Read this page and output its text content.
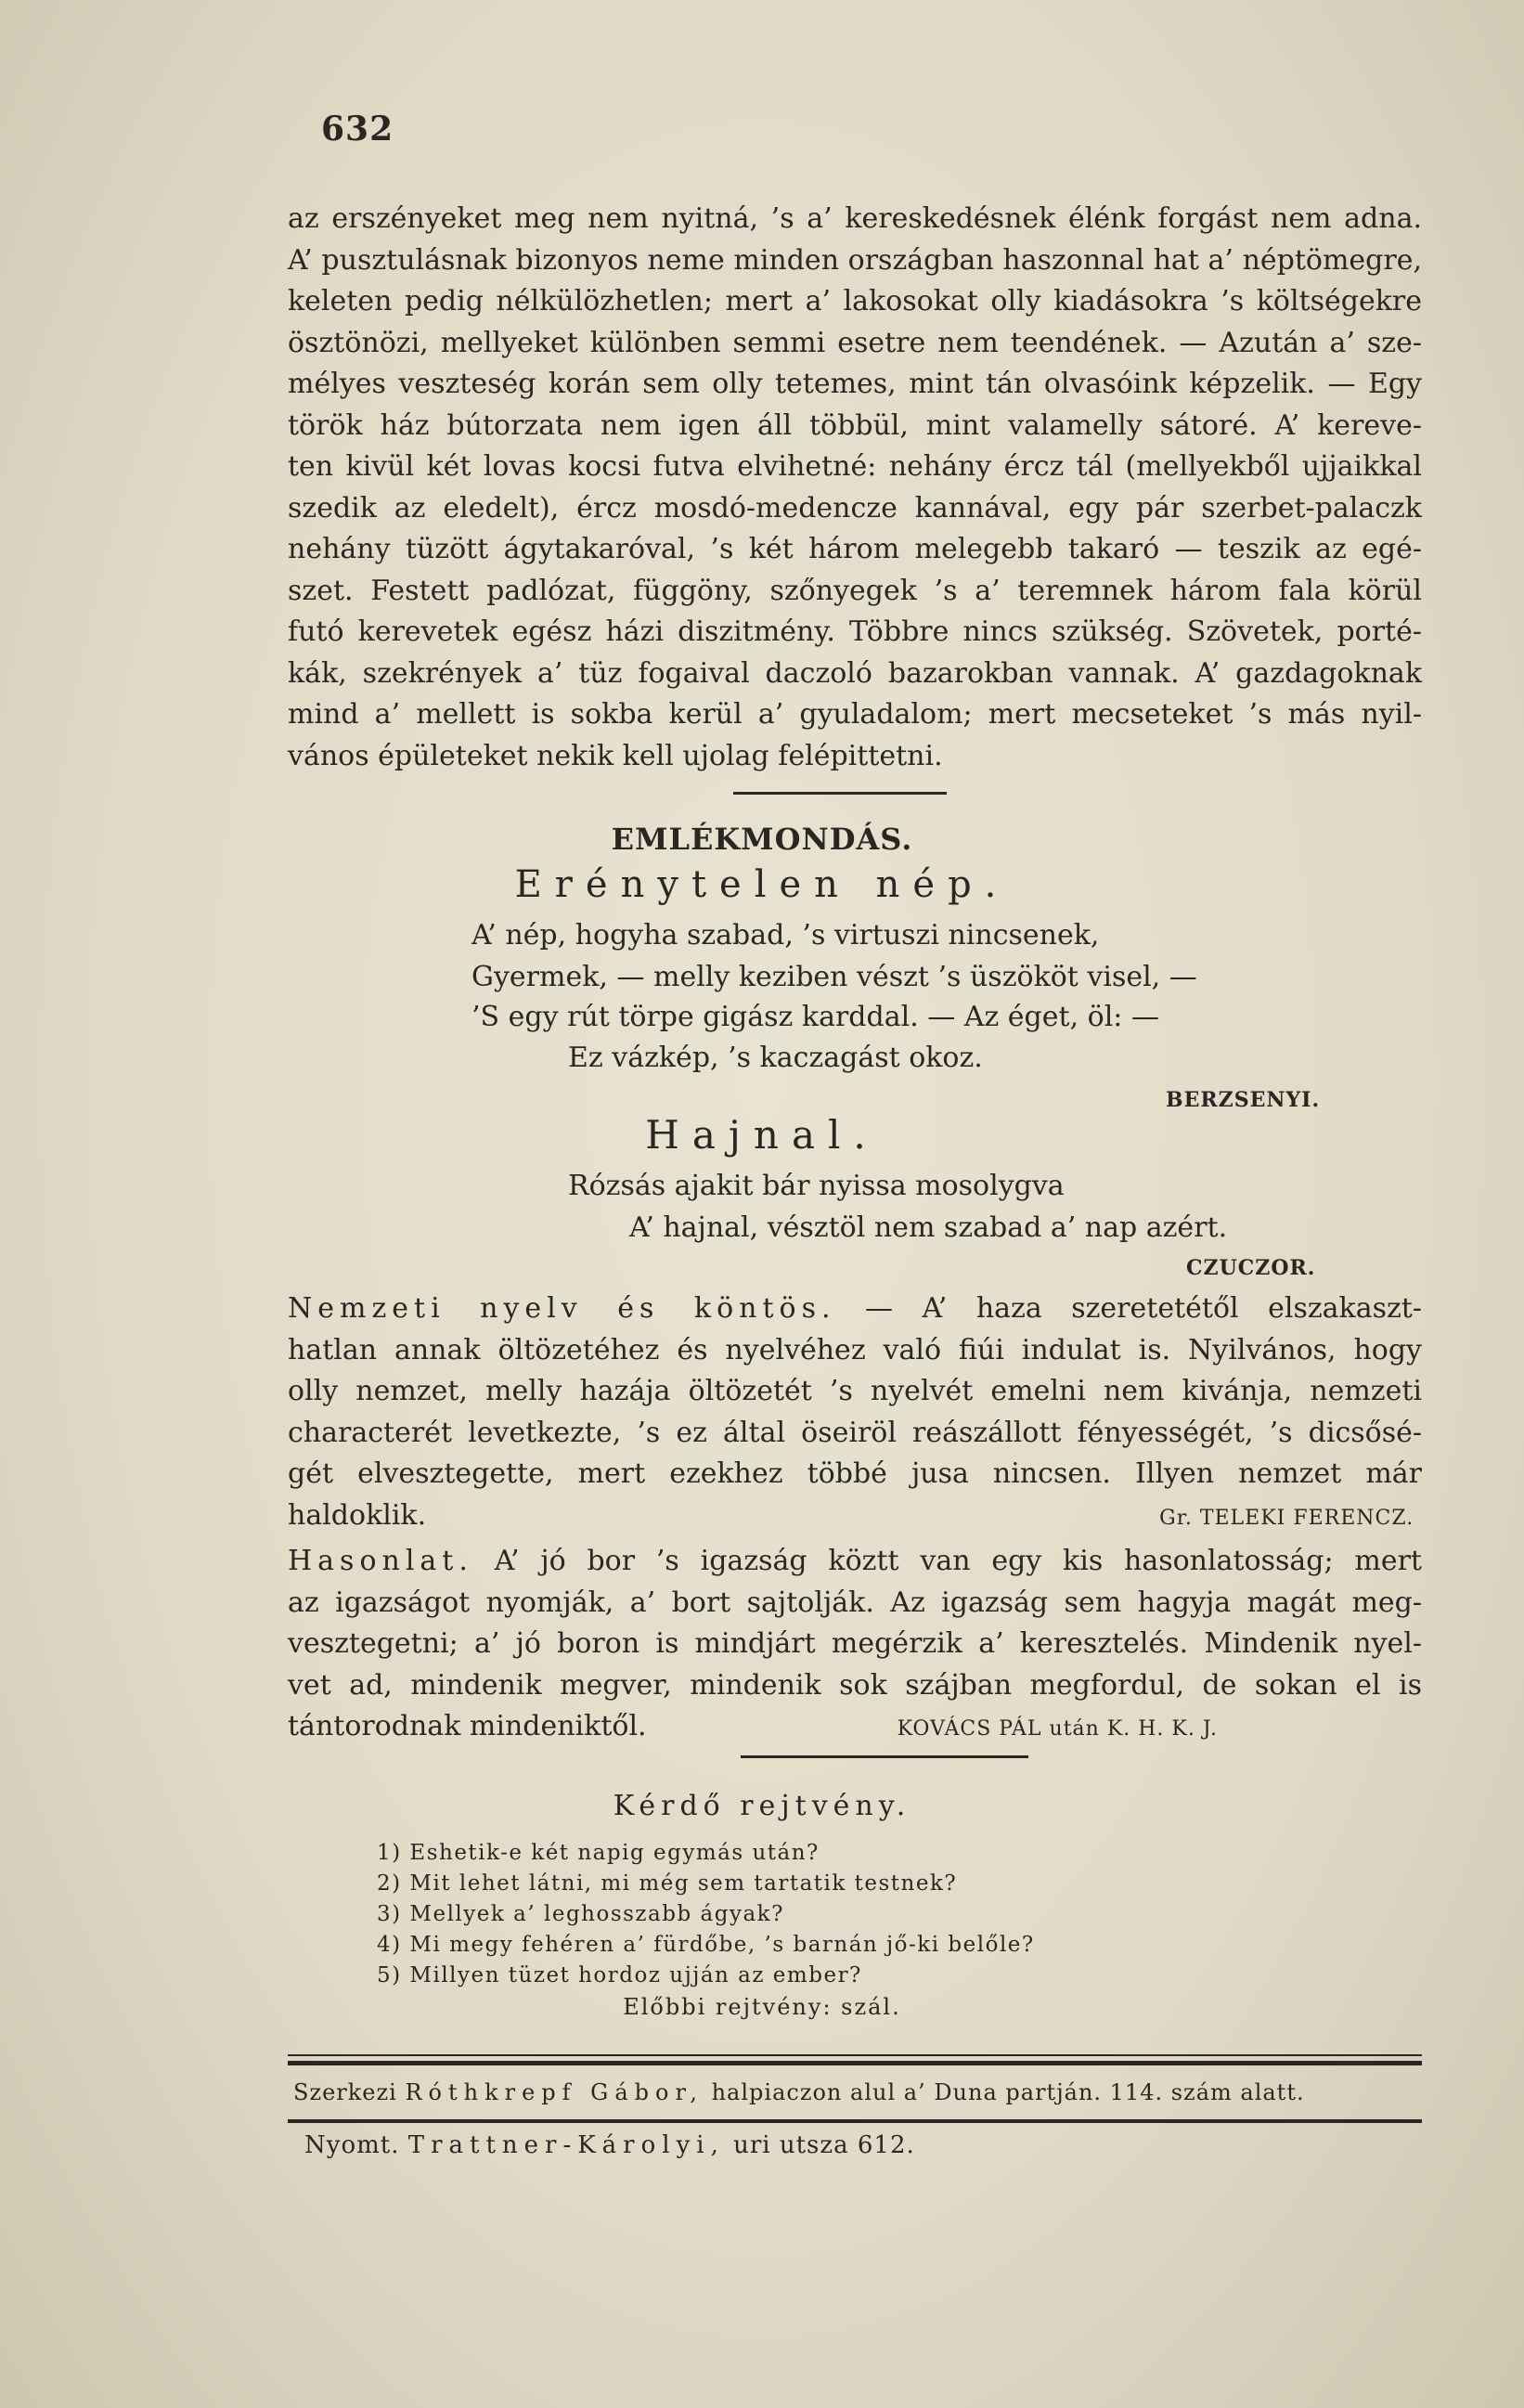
632
az erszényeket meg nem nyitná, ’s a’ kereskedésnek élénk forgást nem adna.
A’ pusztulásnak bizonyos neme minden országban haszonnal hat a’ néptömegre,
keleten pedig nélkülözhetlen; mert a’ lakosokat olly kiadásokra ’s költségekre
ösztönözi, mellyeket különben semmi esetre nem teendének. — Azután a’ sze-
mélyes veszteség korán sem olly tetemes, mint tán olvasóink képzelik. — Egy
török ház bútorzata nem igen áll többül, mint valamelly sátoré. A’ kereve-
ten kivül két lovas kocsi futva elvihetné: nehány ércz tál (mellyekből ujjaikkal
szedik az eledelt), ércz mosdó-medencze kannával, egy pár szerbet-palaczk
nehány tüzött ágytakaróval, ’s két három melegebb takaró — teszik az egé-
szet. Festett padlózat, függöny, szőnyegek ’s a’ teremnek három fala körül
futó kerevetek egész házi diszitmény. Többre nincs szükség. Szövetek, porté-
kák, szekrények a’ tüz fogaival daczoló bazarokban vannak. A’ gazdagoknak
mind a’ mellett is sokba kerül a’ gyuladalom; mert mecseteket ’s más nyil-
vános épületeket nekik kell ujolag felépittetni.
EMLÉKMONDÁS.
Erénytelen nép.
A’ nép, hogyha szabad, ’s virtuszi nincsenek,
Gyermek, — melly keziben vészt ’s üszököt visel, —
’S egy rút törpe gigász karddal. — Az éget, öl: —
Ez vázkép, ’s kaczagást okoz.
BERZSENYI.
Hajnal.
Rózsás ajakit bár nyissa mosolygva
A’ hajnal, vésztöl nem szabad a’ nap azért.
CZUCZOR.
Nemzeti nyelv és köntös. — A’ haza szeretetétől elszakaszt-
hatlan annak öltözetéhez és nyelvéhez való fiúi indulat is. Nyilvános, hogy
olly nemzet, melly hazája öltözetét ’s nyelvét emelni nem kivánja, nemzeti
characterét levetkezte, ’s ez által öseiröl reászállott fényességét, ’s dicsősé-
gét elvesztegette, mert ezekhez többé jusa nincsen. Illyen nemzet már
haldoklik.	Gr. TELEKI FERENCZ.
Hasonlat. A’ jó bor ’s igazság köztt van egy kis hasonlatosság; mert
az igazságot nyomják, a’ bort sajtolják. Az igazság sem hagyja magát meg-
vesztegetni; a’ jó boron is mindjárt megérzik a’ keresztelés. Mindenik nyel-
vet ad, mindenik megver, mindenik sok szájban megfordul, de sokan el is
tántorodnak mindeniktől.	KOVÁCS PÁL után K. H. K. J.
Kérdő rejtvény.
1) Eshetik-e két napig egymás után?
2) Mit lehet látni, mi még sem tartatik testnek?
3) Mellyek a’ leghosszabb ágyak?
4) Mi megy fehéren a’ fürdőbe, ’s barnán jő-ki belőle?
5) Millyen tüzet hordoz ujján az ember?
Előbbi rejtvény: szál.
Szerkezi Róthkrepf Gábor, halpiaczon alul a’ Duna partján. 114. szám alatt.
Nyomt. Trattner-Károlyi, uri utsza 612.
